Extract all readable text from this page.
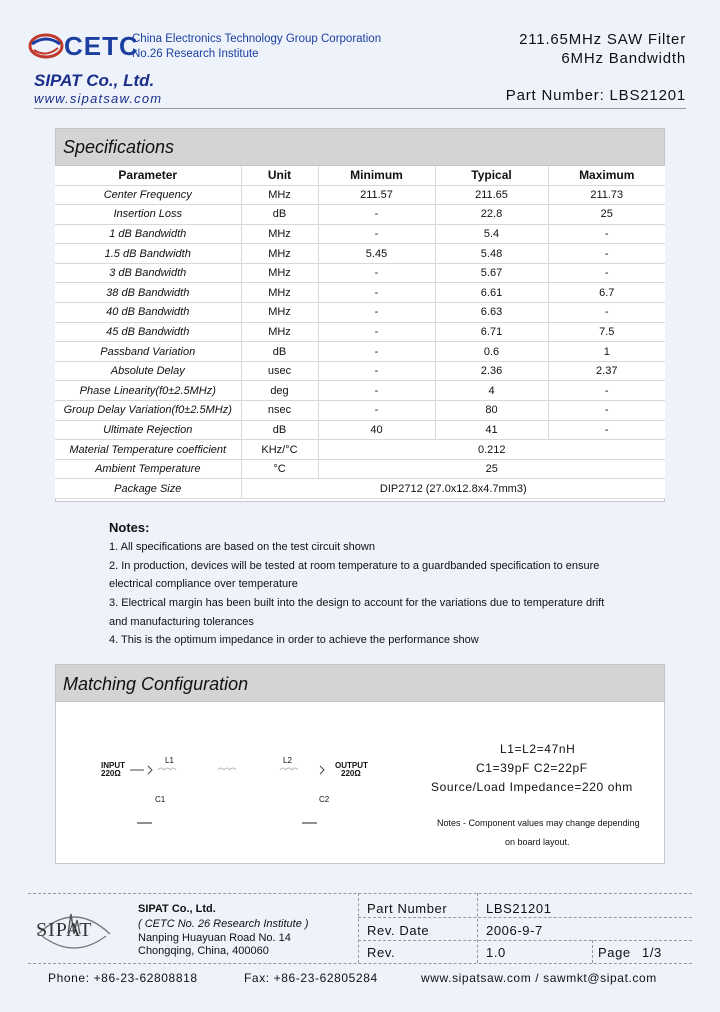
CETC
China Electronics Technology Group Corporation
No.26 Research Institute
SIPAT Co., Ltd.
www.sipatsaw.com
211.65MHz SAW Filter
6MHz Bandwidth
Part Number: LBS21201
Specifications
Parameter	Unit	Minimum	Typical	Maximum
Center Frequency	MHz	211.57	211.65	211.73
Insertion Loss	dB	-	22.8	25
1 dB Bandwidth	MHz	-	5.4	-
1.5 dB Bandwidth	MHz	5.45	5.48	-
3 dB Bandwidth	MHz	-	5.67	-
38 dB Bandwidth	MHz	-	6.61	6.7
40 dB Bandwidth	MHz	-	6.63	-
45 dB Bandwidth	MHz	-	6.71	7.5
Passband Variation	dB	-	0.6	1
Absolute Delay	usec	-	2.36	2.37
Phase Linearity(f0±2.5MHz)	deg	-	4	-
Group Delay Variation(f0±2.5MHz)	nsec	-	80	-
Ultimate Rejection	dB	40	41	-
Material Temperature coefficient	KHz/°C	0.212		
Ambient Temperature	°C	25		
Package Size	DIP2712 (27.0x12.8x4.7mm3)			
Notes:
1. All specifications are based on the test circuit shown
2. In production, devices will be tested at room temperature to a guardbanded specification to ensure
electrical compliance over temperature
3. Electrical margin has been built into the design to account for the variations due to temperature drift
and manufacturing tolerances
4. This is the optimum impedance in order to achieve the performance show
Matching Configuration
INPUT
220Ω
L1	L2
OUTPUT
220Ω
C1	C2
L1=L2=47nH
C1=39pF C2=22pF
Source/Load Impedance=220 ohm
Notes - Component values may change depending
on board layout.
SIPAT
SIPAT Co., Ltd.
( CETC No. 26 Research Institute )
Nanping Huayuan Road No. 14
Chongqing, China, 400060
Part Number	LBS21201
Rev. Date	2006-9-7
Rev.	1.0	Page 1/3
Phone: +86-23-62808818	Fax: +86-23-62805284	www.sipatsaw.com / sawmkt@sipat.com
